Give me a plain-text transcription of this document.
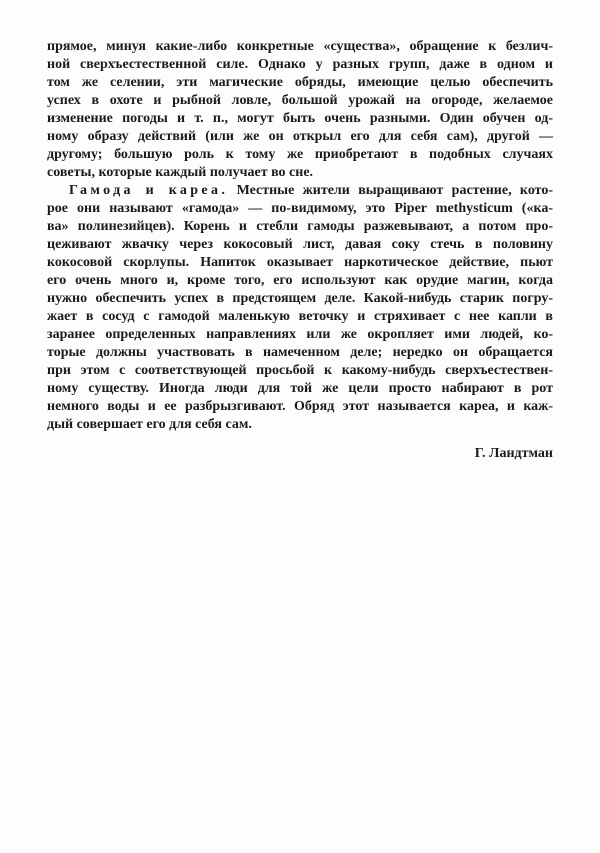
прямое, минуя какие-либо конкретные «существа», обращение к безлич-
ной сверхъестественной силе. Однако у разных групп, даже в одном и
том же селении, эти магические обряды, имеющие целью обеспечить
успех в охоте и рыбной ловле, большой урожай на огороде, желаемое
изменение погоды и т. п., могут быть очень разными. Один обучен од-
ному образу действий (или же он открыл его для себя сам), другой —
другому; большую роль к тому же приобретают в подобных случаях
советы, которые каждый получает во сне.
Гамода и кареа. Местные жители выращивают растение, кото-
рое они называют «гамода» — по-видимому, это Piper methysticum («ка-
ва» полинезийцев). Корень и стебли гамоды разжевывают, а потом про-
цеживают жвачку через кокосовый лист, давая соку стечь в половину
кокосовой скорлупы. Напиток оказывает наркотическое действие, пьют
его очень много и, кроме того, его используют как орудие магии, когда
нужно обеспечить успех в предстоящем деле. Какой-нибудь старик погру-
жает в сосуд с гамодой маленькую веточку и стряхивает с нее капли в
заранее определенных направлениях или же окропляет ими людей, ко-
торые должны участвовать в намеченном деле; нередко он обращается
при этом с соответствующей просьбой к какому-нибудь сверхъестествен-
ному существу. Иногда люди для той же цели просто набирают в рот
немного воды и ее разбрызгивают. Обряд этот называется кареа, и каж-
дый совершает его для себя сам.
Г. Ландтман
